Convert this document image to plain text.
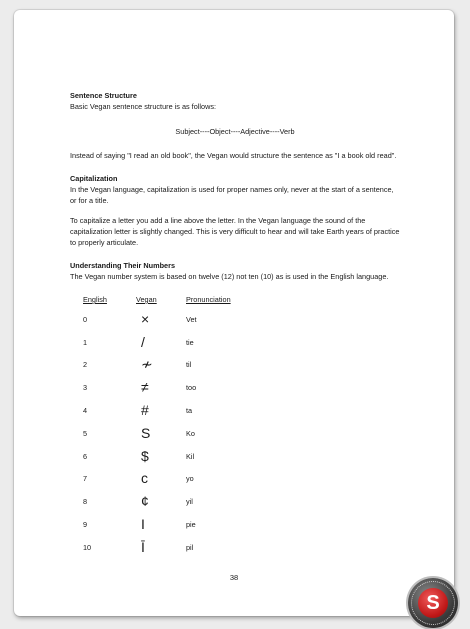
Sentence Structure

Basic Vegan sentence structure is as follows:

Subject----Object----Adjective----Verb

Instead of saying "I read an old book", the Vegan would structure the sentence as "I a book old read".

Capitalization

In the Vegan language, capitalization is used for proper names only, never at the start of a sentence, or for a title.

To capitalize a letter you add a line above the letter. In the Vegan language the sound of the capitalization letter is slightly changed. This is very difficult to hear and will take Earth years of practice to properly articulate.

Understanding Their Numbers

The Vegan number system is based on twelve (12) not ten (10) as is used in the English language.

English	Vegan	Pronunciation
0	×	Vet
1	/	tie
2	≁	til
3	≠	too
4	#	ta
5	S	Ko
6	$	Kil
7	c	yo
8	¢	yil
9	I	pie
10	Ī	pil
38
S
